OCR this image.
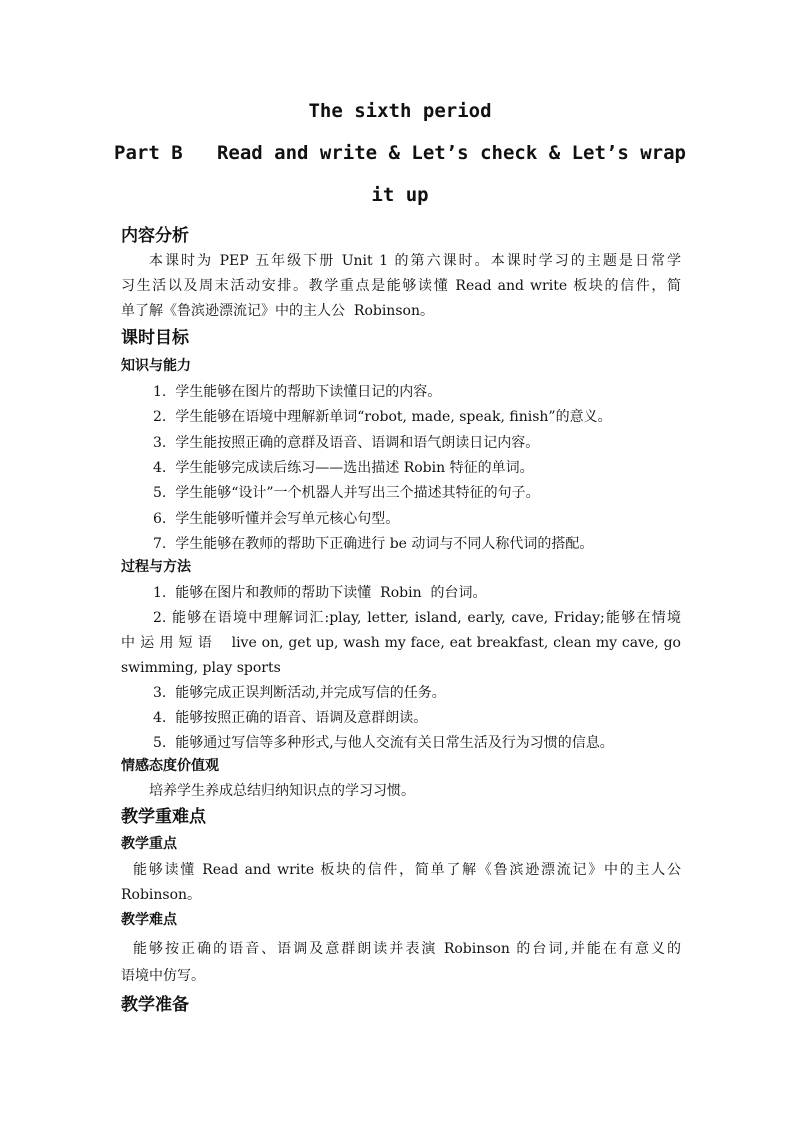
The sixth period
Part B   Read and write & Let’s check & Let’s wrap
it up
内容分析
本课时为 PEP 五年级下册 Unit 1 的第六课时。本课时学习的主题是日常学
习生活以及周末活动安排。教学重点是能够读懂 Read and write 板块的信件，简
单了解《鲁滨逊漂流记》中的主人公  Robinson。
课时目标
知识与能力
1.  学生能够在图片的帮助下读懂日记的内容。
2.  学生能够在语境中理解新单词“robot, made, speak, finish”的意义。
3.  学生能按照正确的意群及语音、语调和语气朗读日记内容。
4.  学生能够完成读后练习——选出描述 Robin 特征的单词。
5.  学生能够“设计”一个机器人并写出三个描述其特征的句子。
6.  学生能够听懂并会写单元核心句型。
7.  学生能够在教师的帮助下正确进行 be 动词与不同人称代词的搭配。
过程与方法
1.  能够在图片和教师的帮助下读懂  Robin  的台词。
2. 能够在语境中理解词汇:play, letter, island, early, cave, Friday;能够在情境
中 运 用 短 语    live on, get up, wash my face, eat breakfast, clean my cave, go
swimming, play sports
3.  能够完成正误判断活动,并完成写信的任务。
4.  能够按照正确的语音、语调及意群朗读。
5.  能够通过写信等多种形式,与他人交流有关日常生活及行为习惯的信息。
情感态度价值观
培养学生养成总结归纳知识点的学习习惯。
教学重难点
教学重点
能够读懂 Read and write 板块的信件，简单了解《鲁滨逊漂流记》中的主人公
Robinson。
教学难点
能够按正确的语音、语调及意群朗读并表演 Robinson 的台词,并能在有意义的
语境中仿写。
教学准备
